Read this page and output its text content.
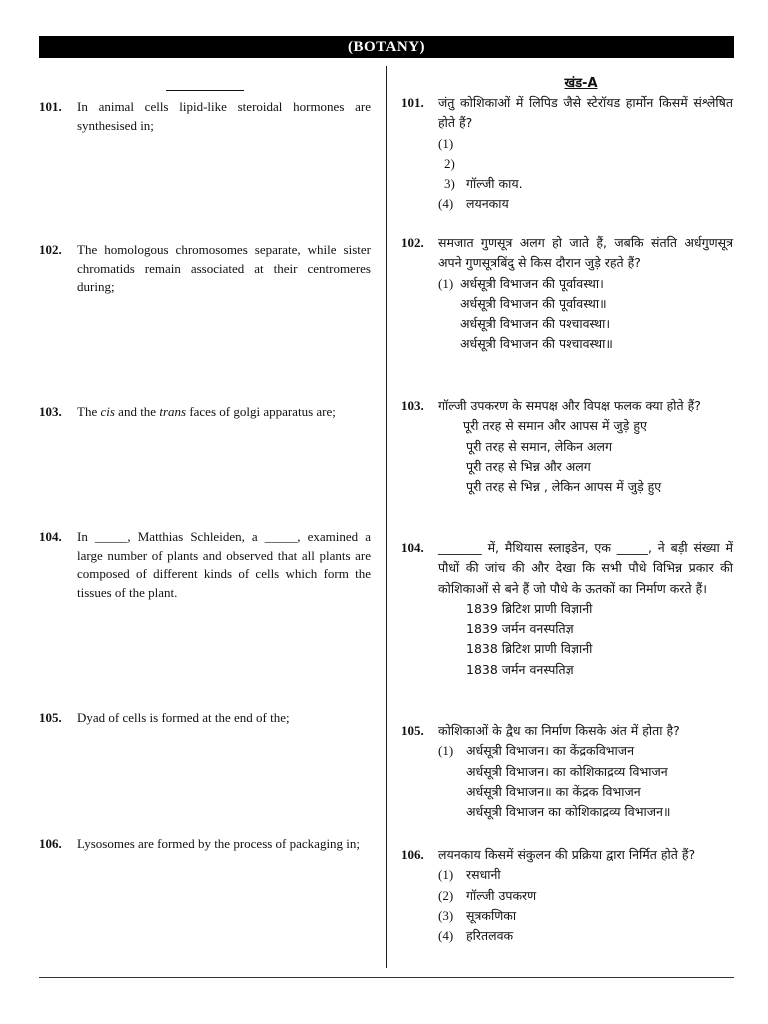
(BOTANY)
खंड-A
101. In animal cells lipid-like steroidal hormones are synthesised in;
102. The homologous chromosomes separate, while sister chromatids remain associated at their centromeres during;
103. The cis and the trans faces of golgi apparatus are;
104. In _____, Matthias Schleiden, a _____, examined a large number of plants and observed that all plants are composed of different kinds of cells which form the tissues of the plant.
105. Dyad of cells is formed at the end of the;
106. Lysosomes are formed by the process of packaging in;
101. जंतु कोशिकाओं में लिपिड जैसे स्टेरॉयड हार्मोन किसमें संश्लेषित होते हैं?
(1)
2)
3) गॉल्जी काय.
(4) लयनकाय
102. समजात गुणसूत्र अलग हो जाते हैं, जबकि संतति अर्धगुणसूत्र अपने गुणसूत्रबिंदु से किस दौरान जुड़े रहते हैं?
(1) अर्धसूत्री विभाजन की पूर्वावस्था।
अर्धसूत्री विभाजन की पूर्वावस्था॥
अर्धसूत्री विभाजन की पश्चावस्था।
अर्धसूत्री विभाजन की पश्चावस्था॥
103. गॉल्जी उपकरण के समपक्ष और विपक्ष फलक क्या होते हैं?
पूरी तरह से समान और आपस में जुड़े हुए
पूरी तरह से समान, लेकिन अलग
पूरी तरह से भिन्न और अलग
पूरी तरह से भिन्न , लेकिन आपस में जुड़े हुए
104. _______ में, मैथियास स्लाइडेन, एक _____, ने बड़ी संख्या में पौधों की जांच की और देखा कि सभी पौधे विभिन्न प्रकार की कोशिकाओं से बने हैं जो पौधे के ऊतकों का निर्माण करते हैं।
1839 ब्रिटिश प्राणी विज्ञानी
1839 जर्मन वनस्पतिज्ञ
1838 ब्रिटिश प्राणी विज्ञानी
1838 जर्मन वनस्पतिज्ञ
105. कोशिकाओं के द्वैध का निर्माण किसके अंत में होता है?
(1) अर्धसूत्री विभाजन। का केंद्रकविभाजन
अर्धसूत्री विभाजन। का कोशिकाद्रव्य विभाजन
अर्धसूत्री विभाजन॥ का केंद्रक विभाजन
अर्धसूत्री विभाजन का कोशिकाद्रव्य विभाजन॥
106. लयनकाय किसमें संकुलन की प्रक्रिया द्वारा निर्मित होते हैं?
(1) रसधानी
(2) गॉल्जी उपकरण
(3) सूत्रकणिका
(4) हरितलवक
